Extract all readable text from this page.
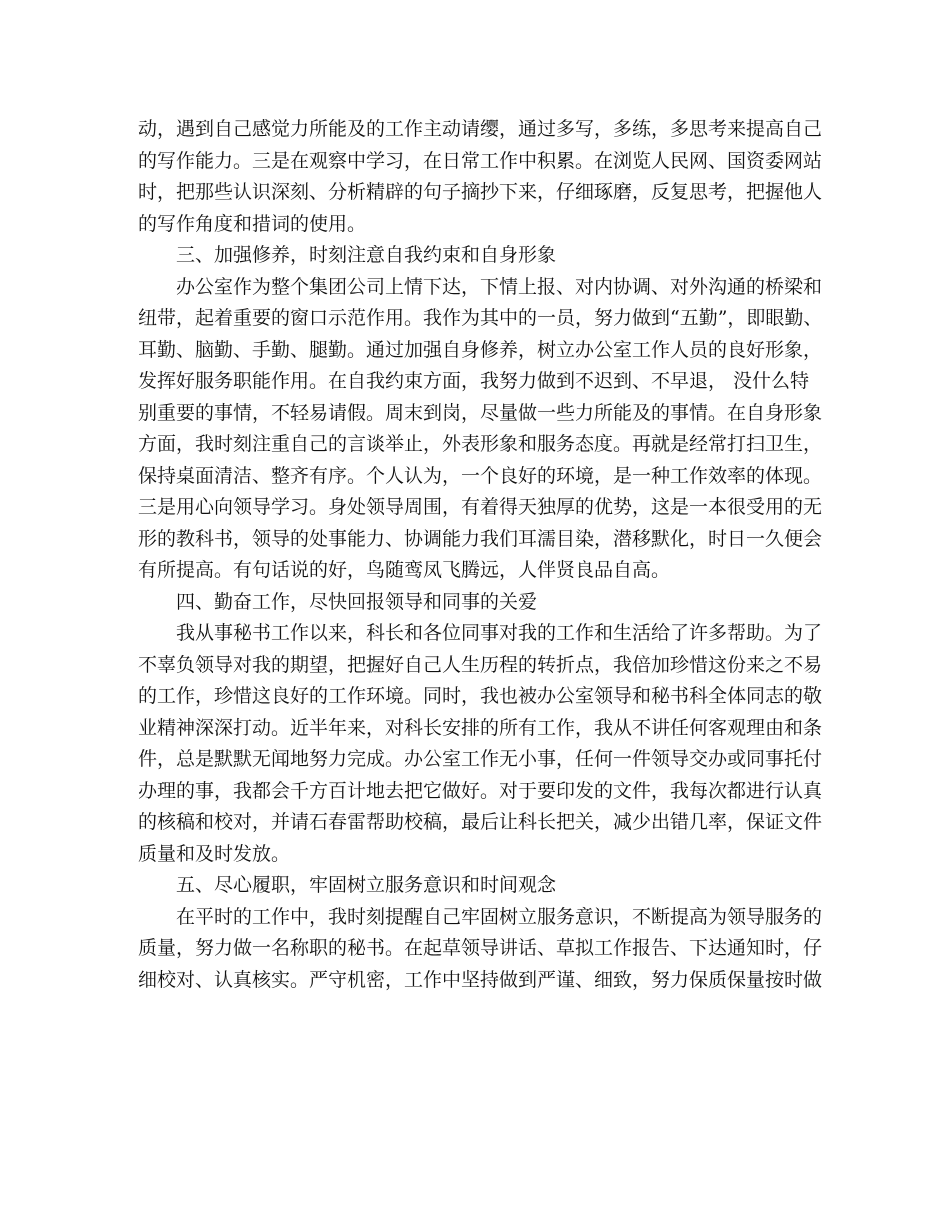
动，遇到自己感觉力所能及的工作主动请缨，通过多写，多练，多思考来提高自己
的写作能力。三是在观察中学习，在日常工作中积累。在浏览人民网、国资委网站
时，把那些认识深刻、分析精辟的句子摘抄下来，仔细琢磨，反复思考，把握他人
的写作角度和措词的使用。
三、加强修养，时刻注意自我约束和自身形象
办公室作为整个集团公司上情下达，下情上报、对内协调、对外沟通的桥梁和
纽带，起着重要的窗口示范作用。我作为其中的一员，努力做到“五勤”，即眼勤、
耳勤、脑勤、手勤、腿勤。通过加强自身修养，树立办公室工作人员的良好形象，
发挥好服务职能作用。在自我约束方面，我努力做到不迟到、不早退， 没什么特
别重要的事情，不轻易请假。周末到岗，尽量做一些力所能及的事情。在自身形象
方面，我时刻注重自己的言谈举止，外表形象和服务态度。再就是经常打扫卫生，
保持桌面清洁、整齐有序。个人认为，一个良好的环境，是一种工作效率的体现。
三是用心向领导学习。身处领导周围，有着得天独厚的优势，这是一本很受用的无
形的教科书，领导的处事能力、协调能力我们耳濡目染，潜移默化，时日一久便会
有所提高。有句话说的好，鸟随鸾凤飞腾远，人伴贤良品自高。
四、勤奋工作，尽快回报领导和同事的关爱
我从事秘书工作以来，科长和各位同事对我的工作和生活给了许多帮助。为了
不辜负领导对我的期望，把握好自己人生历程的转折点，我倍加珍惜这份来之不易
的工作，珍惜这良好的工作环境。同时，我也被办公室领导和秘书科全体同志的敬
业精神深深打动。近半年来，对科长安排的所有工作，我从不讲任何客观理由和条
件，总是默默无闻地努力完成。办公室工作无小事，任何一件领导交办或同事托付
办理的事，我都会千方百计地去把它做好。对于要印发的文件，我每次都进行认真
的核稿和校对，并请石春雷帮助校稿，最后让科长把关，减少出错几率，保证文件
质量和及时发放。
五、尽心履职，牢固树立服务意识和时间观念
在平时的工作中，我时刻提醒自己牢固树立服务意识，不断提高为领导服务的
质量，努力做一名称职的秘书。在起草领导讲话、草拟工作报告、下达通知时，仔
细校对、认真核实。严守机密，工作中坚持做到严谨、细致，努力保质保量按时做
